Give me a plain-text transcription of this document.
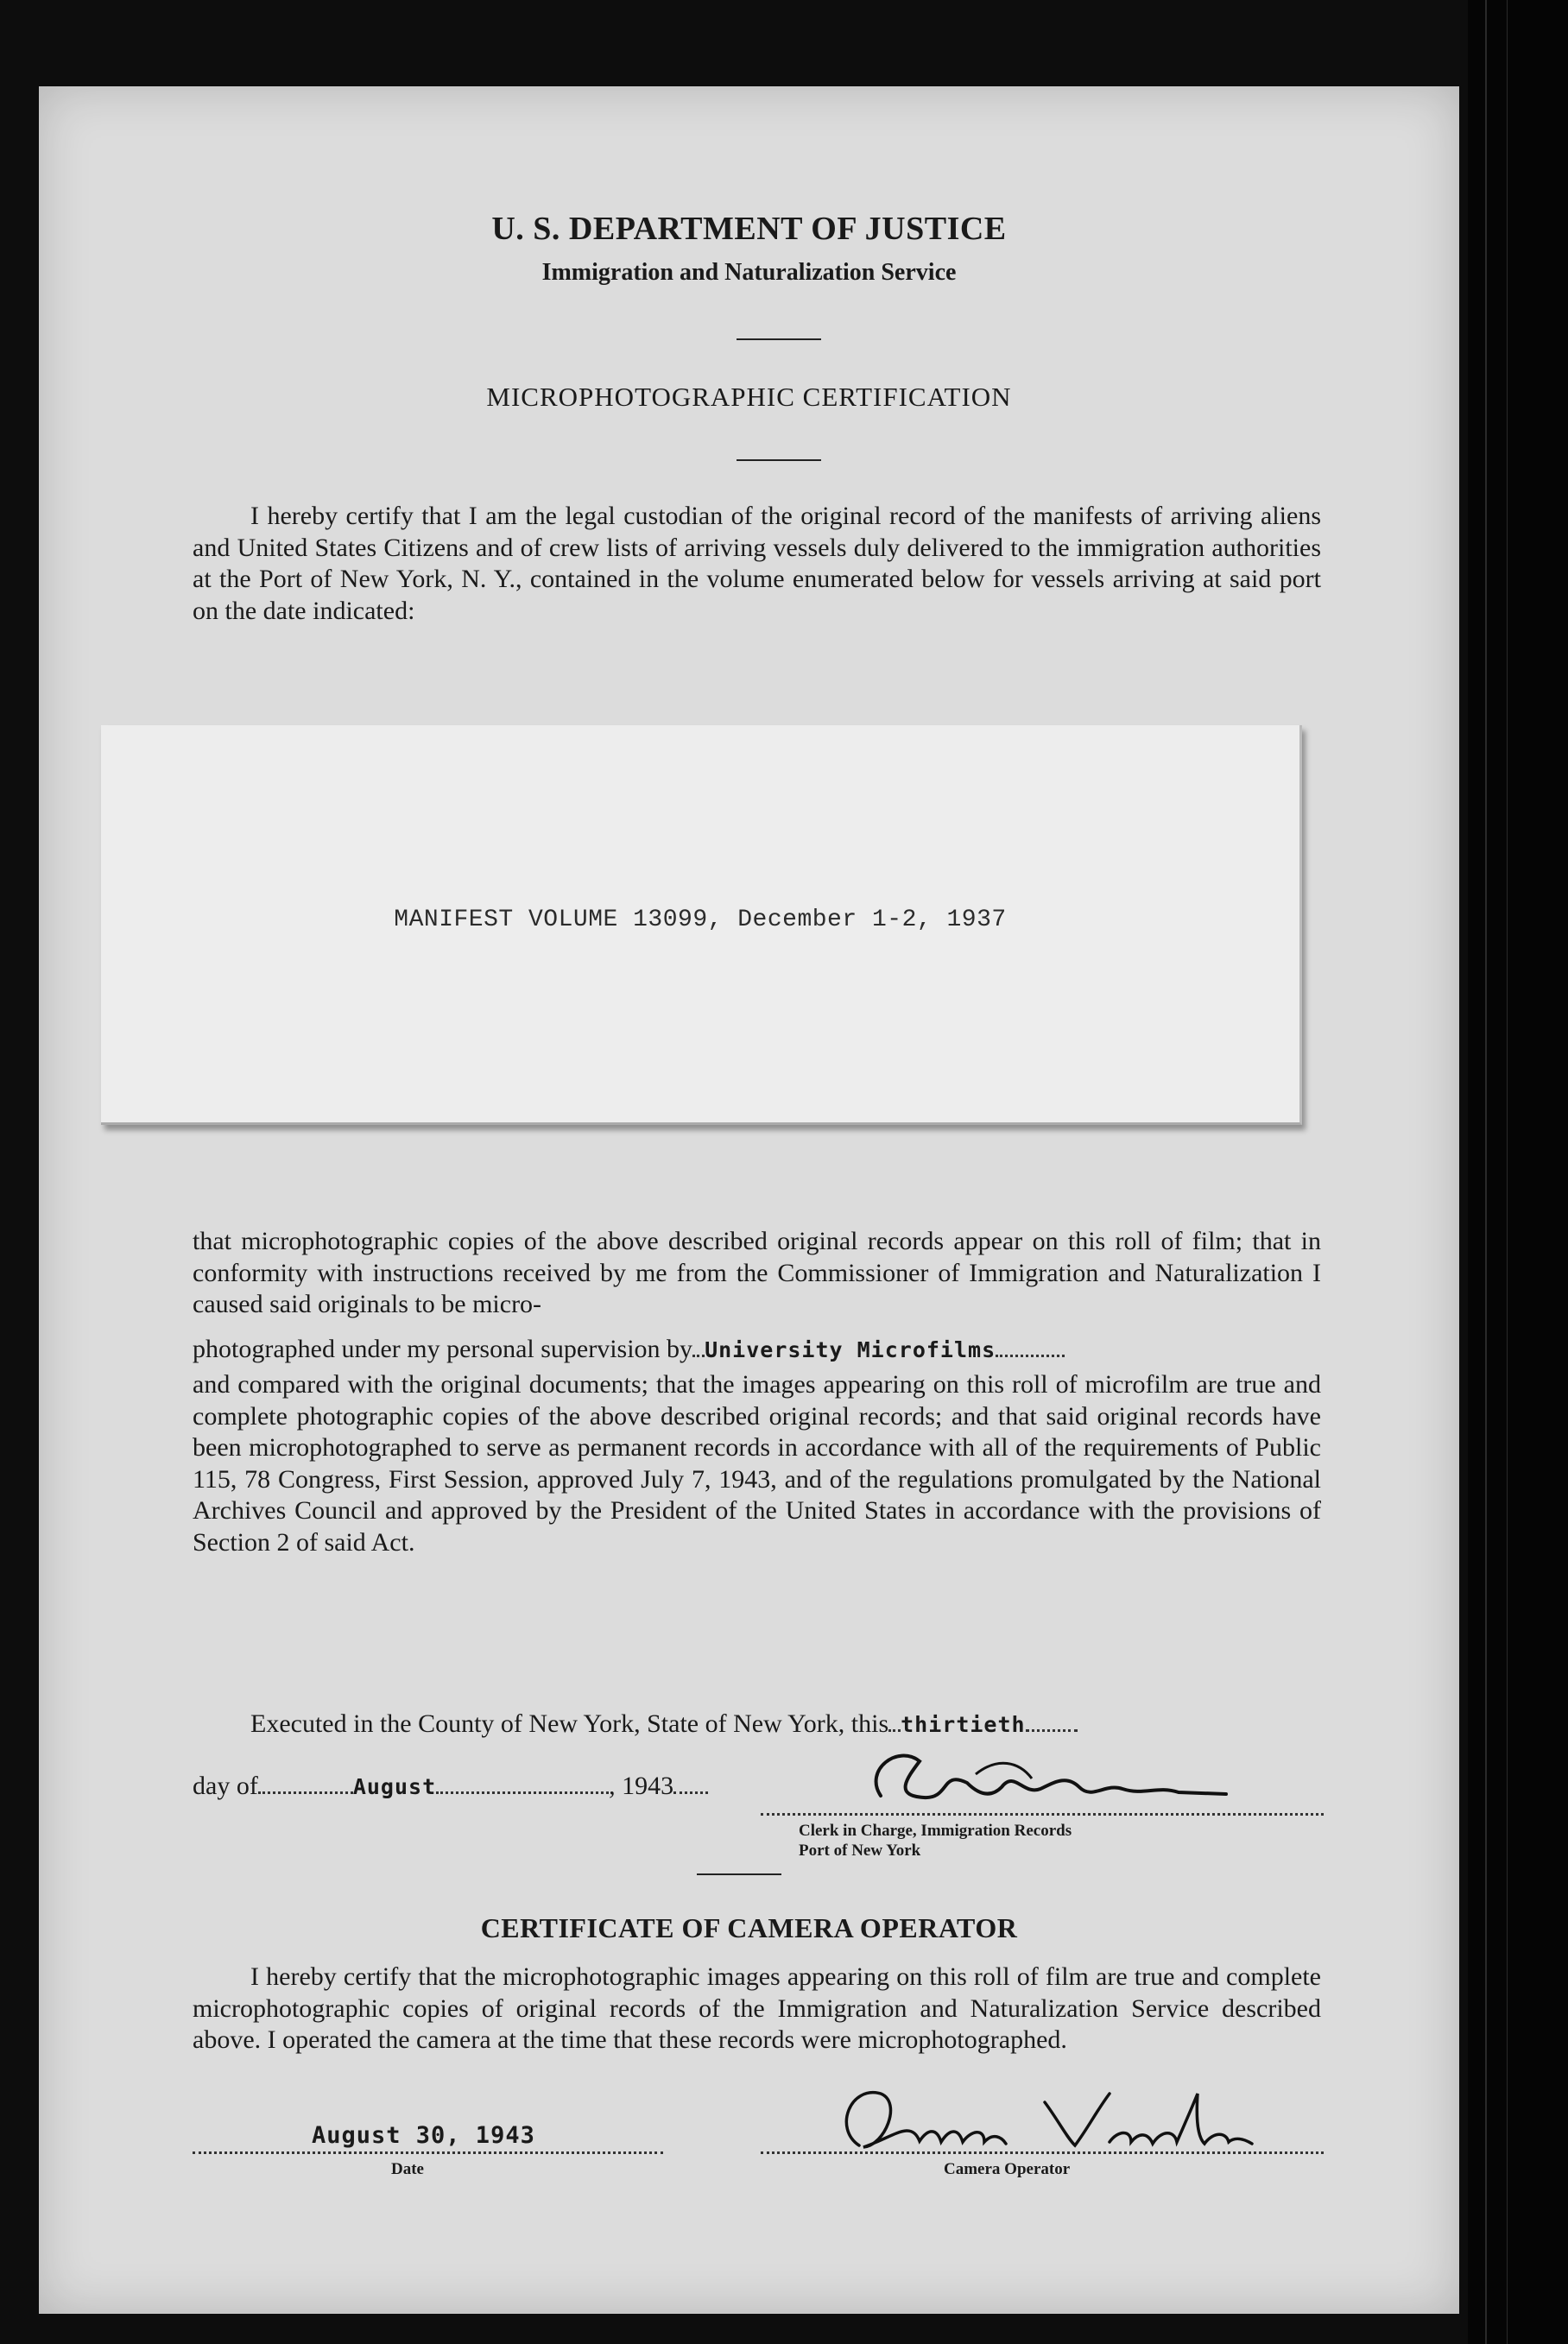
U. S. DEPARTMENT OF JUSTICE
Immigration and Naturalization Service
MICROPHOTOGRAPHIC CERTIFICATION
I hereby certify that I am the legal custodian of the original record of the manifests of arriving aliens and United States Citizens and of crew lists of arriving vessels duly delivered to the immigration authorities at the Port of New York, N. Y., contained in the volume enumerated below for vessels arriving at said port on the date indicated:
MANIFEST VOLUME 13099, December 1-2, 1937
that microphotographic copies of the above described original records appear on this roll of film; that in conformity with instructions received by me from the Commissioner of Immigration and Naturalization I caused said originals to be micro-
photographed under my personal supervision by University Microfilms
and compared with the original documents; that the images appearing on this roll of microfilm are true and complete photographic copies of the above described original records; and that said original records have been microphotographed to serve as permanent records in accordance with all of the requirements of Public 115, 78 Congress, First Session, approved July 7, 1943, and of the regulations promulgated by the National Archives Council and approved by the President of the United States in accordance with the provisions of Section 2 of said Act.
Executed in the County of New York, State of New York, this thirtieth
day of	August	, 1943
Clerk in Charge, Immigration Records
Port of New York
CERTIFICATE OF CAMERA OPERATOR
I hereby certify that the microphotographic images appearing on this roll of film are true and complete microphotographic copies of original records of the Immigration and Naturalization Service described above. I operated the camera at the time that these records were microphotographed.
August 30, 1943
Date	Camera Operator
